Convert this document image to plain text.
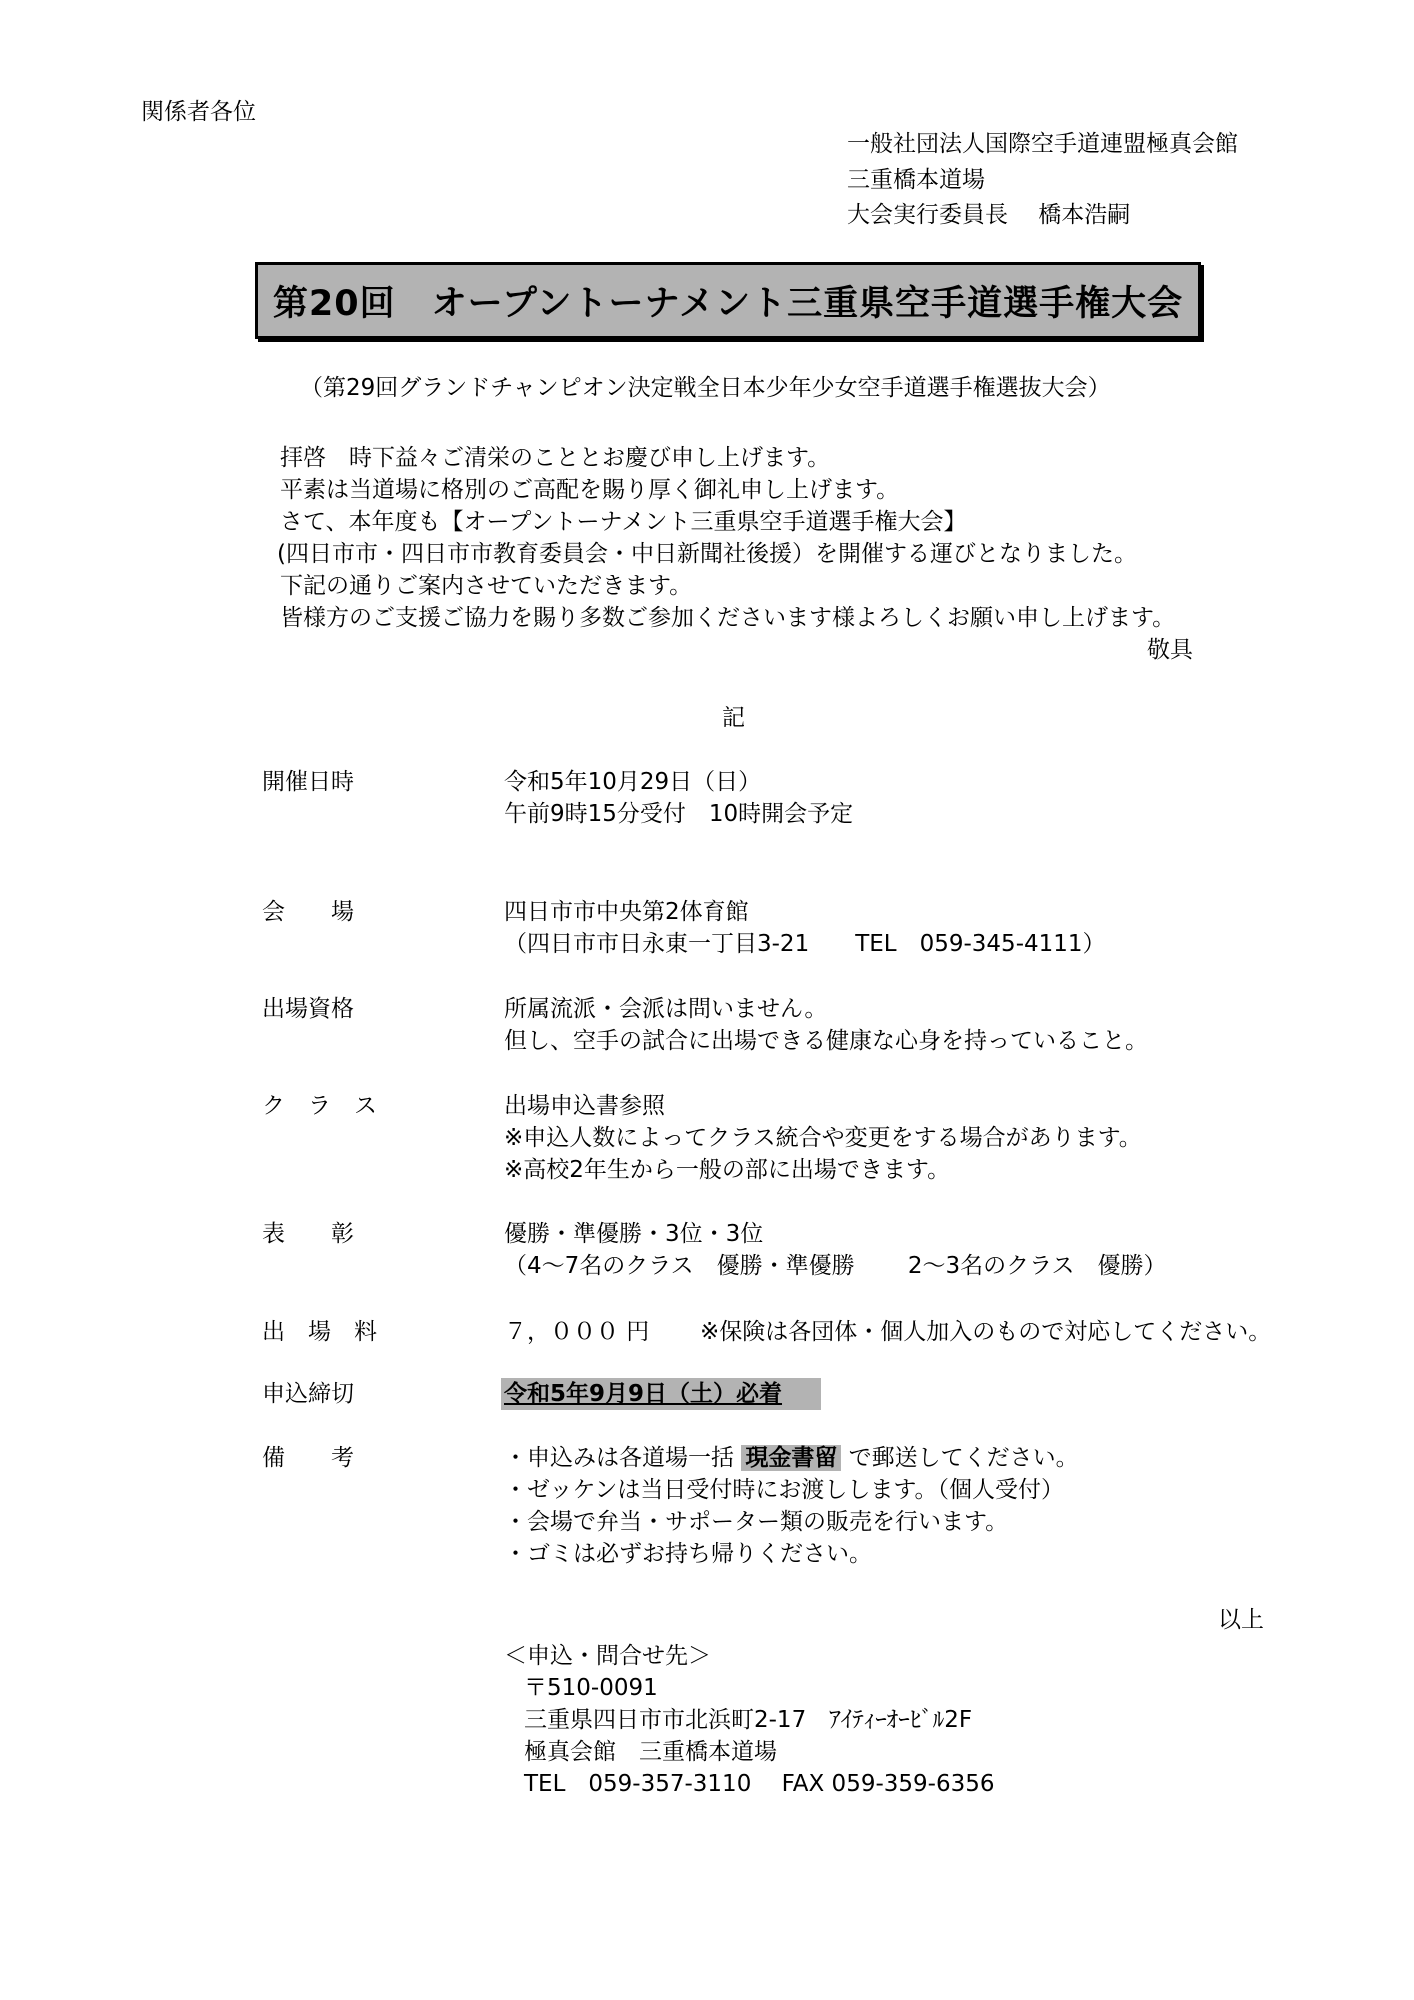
関係者各位
一般社団法人国際空手道連盟極真会館
三重橋本道場
大会実行委員長　 橋本浩嗣
第20回　オープントーナメント三重県空手道選手権大会
（第29回グランドチャンピオン決定戦全日本少年少女空手道選手権選抜大会）
拝啓　時下益々ご清栄のこととお慶び申し上げます。
平素は当道場に格別のご高配を賜り厚く御礼申し上げます。
さて、本年度も【オープントーナメント三重県空手道選手権大会】
(四日市市・四日市市教育委員会・中日新聞社後援）を開催する運びとなりました。
下記の通りご案内させていただきます。
皆様方のご支援ご協力を賜り多数ご参加くださいます様よろしくお願い申し上げます。
敬具
記
開催日時	令和5年10月29日（日）
午前9時15分受付　10時開会予定
会　　場	四日市市中央第2体育館
（四日市市日永東一丁目3-21　　TEL　059-345-4111）
出場資格	所属流派・会派は問いません。
但し、空手の試合に出場できる健康な心身を持っていること。
ク　ラ　ス	出場申込書参照
※申込人数によってクラス統合や変更をする場合があります。
※高校2年生から一般の部に出場できます。
表　　彰	優勝・準優勝・3位・3位
（4～7名のクラス　優勝・準優勝　　 2～3名のクラス　優勝）
出　場　料	７，０００ 円 ※保険は各団体・個人加入のもので対応してください。
申込締切	令和5年9月9日（土）必着
備　　考	・申込みは各道場一括 現金書留 で郵送してください。
・ゼッケンは当日受付時にお渡しします。（個人受付）
・会場で弁当・サポーター類の販売を行います。
・ゴミは必ずお持ち帰りください。
以上
＜申込・問合せ先＞
〒510-0091
三重県四日市市北浜町2-17　ｱｲﾃｨｰｵｰﾋﾞﾙ2F
極真会館　三重橋本道場
TEL　059-357-3110　 FAX 059-359-6356
